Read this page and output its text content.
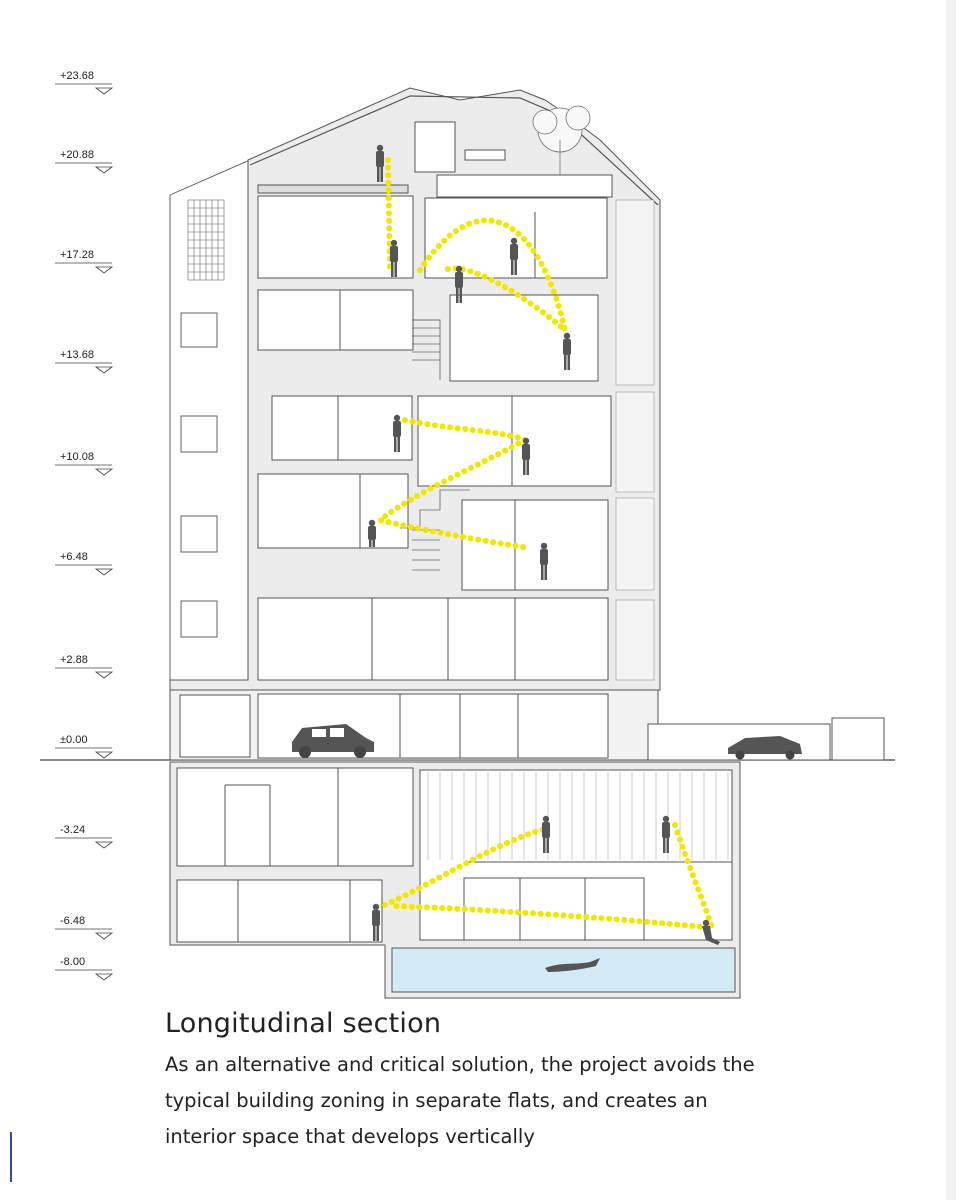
+23.68
+20.88
+17.28
+13.68
+10.08
+6.48
+2.88
±0.00
-3.24
-6.48
-8.00
Longitudinal section

As an alternative and critical solution, the project avoids the typical building zoning in separate flats, and creates an interior space that develops vertically
